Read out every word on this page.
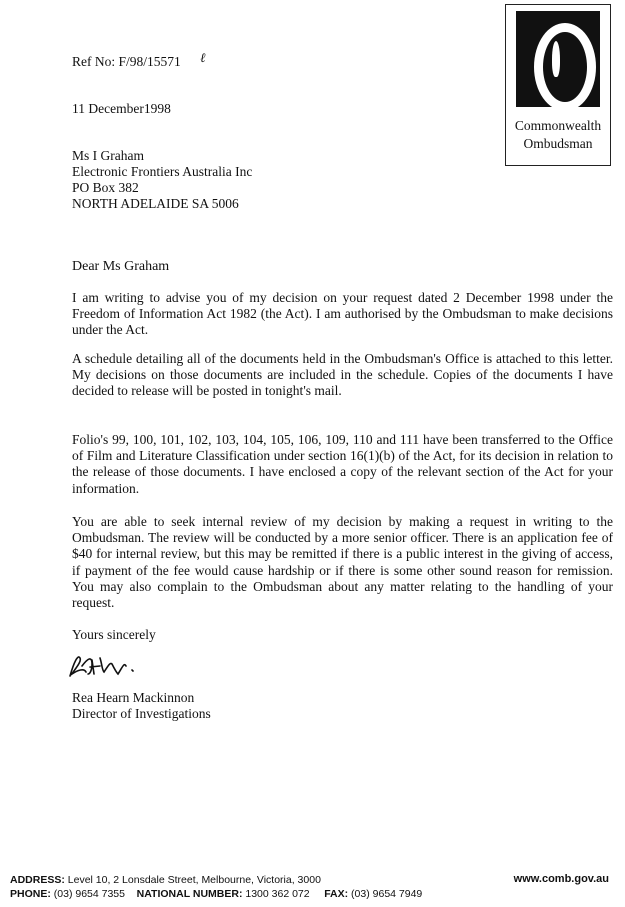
Ref No: F/98/15571 ℓ
11 December1998
Commonwealth
Ombudsman
Ms I Graham
Electronic Frontiers Australia Inc
PO Box 382
NORTH ADELAIDE SA 5006
Dear Ms Graham
I am writing to advise you of my decision on your request dated 2 December 1998 under the Freedom of Information Act 1982 (the Act). I am authorised by the Ombudsman to make decisions under the Act.
A schedule detailing all of the documents held in the Ombudsman's Office is attached to this letter. My decisions on those documents are included in the schedule. Copies of the documents I have decided to release will be posted in tonight's mail.
Folio's 99, 100, 101, 102, 103, 104, 105, 106, 109, 110 and 111 have been transferred to the Office of Film and Literature Classification under section 16(1)(b) of the Act, for its decision in relation to the release of those documents. I have enclosed a copy of the relevant section of the Act for your information.
You are able to seek internal review of my decision by making a request in writing to the Ombudsman. The review will be conducted by a more senior officer. There is an application fee of $40 for internal review, but this may be remitted if there is a public interest in the giving of access, if payment of the fee would cause hardship or if there is some other sound reason for remission. You may also complain to the Ombudsman about any matter relating to the handling of your request.
Yours sincerely
Rea Hearn Mackinnon
Director of Investigations
ADDRESS: Level 10, 2 Lonsdale Street, Melbourne, Victoria, 3000
PHONE: (03) 9654 7355 NATIONAL NUMBER: 1300 362 072 FAX: (03) 9654 7949
www.comb.gov.au
